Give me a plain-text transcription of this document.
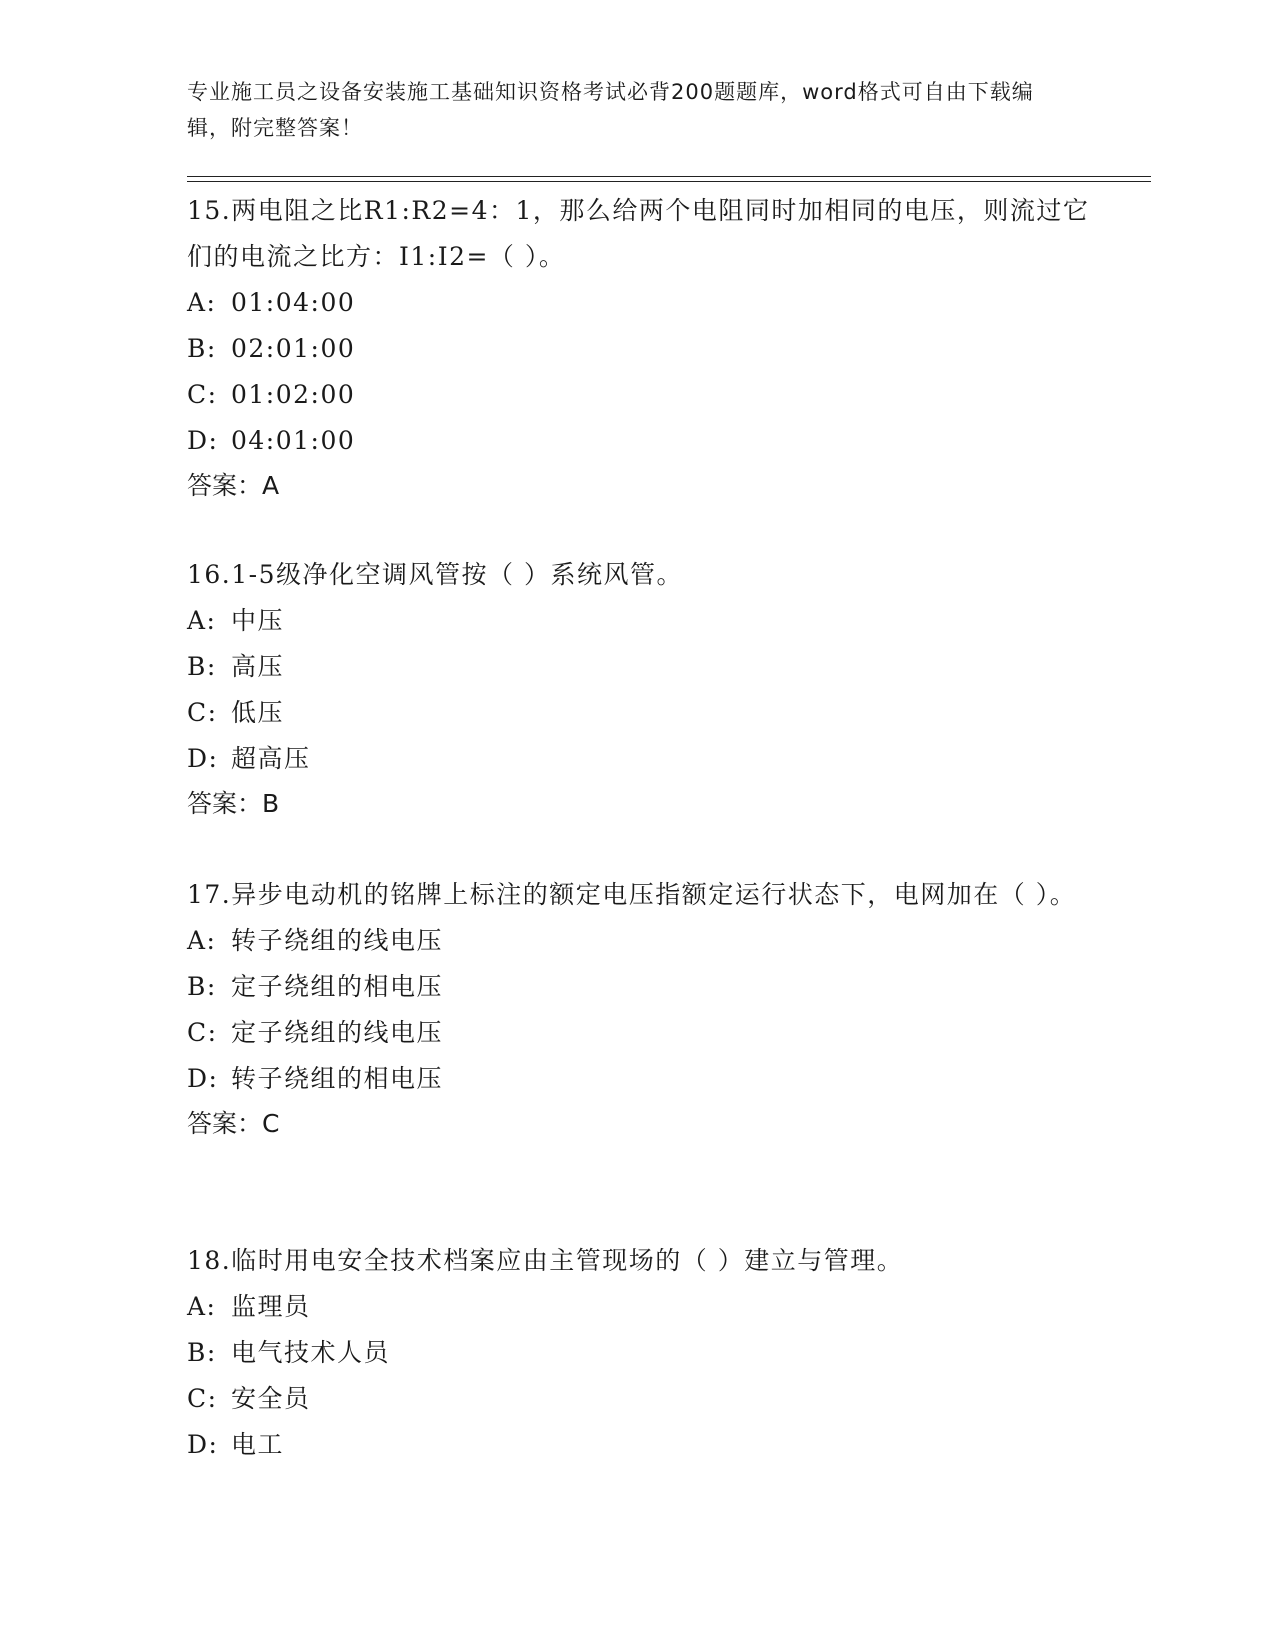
专业施工员之设备安装施工基础知识资格考试必背200题题库，word格式可自由下载编辑，附完整答案！

15.两电阻之比R1:R2=4：1，那么给两个电阻同时加相同的电压，则流过它们的电流之比方：I1:I2=（ ）。

A: 01:04:00

B: 02:01:00

C: 01:02:00

D: 04:01:00

答案：A

16.1-5级净化空调风管按（ ）系统风管。

A: 中压

B: 高压

C: 低压

D: 超高压

答案：B

17.异步电动机的铭牌上标注的额定电压指额定运行状态下，电网加在（ ）。

A: 转子绕组的线电压

B: 定子绕组的相电压

C: 定子绕组的线电压

D: 转子绕组的相电压

答案：C

18.临时用电安全技术档案应由主管现场的（ ）建立与管理。

A: 监理员

B: 电气技术人员

C: 安全员

D: 电工
